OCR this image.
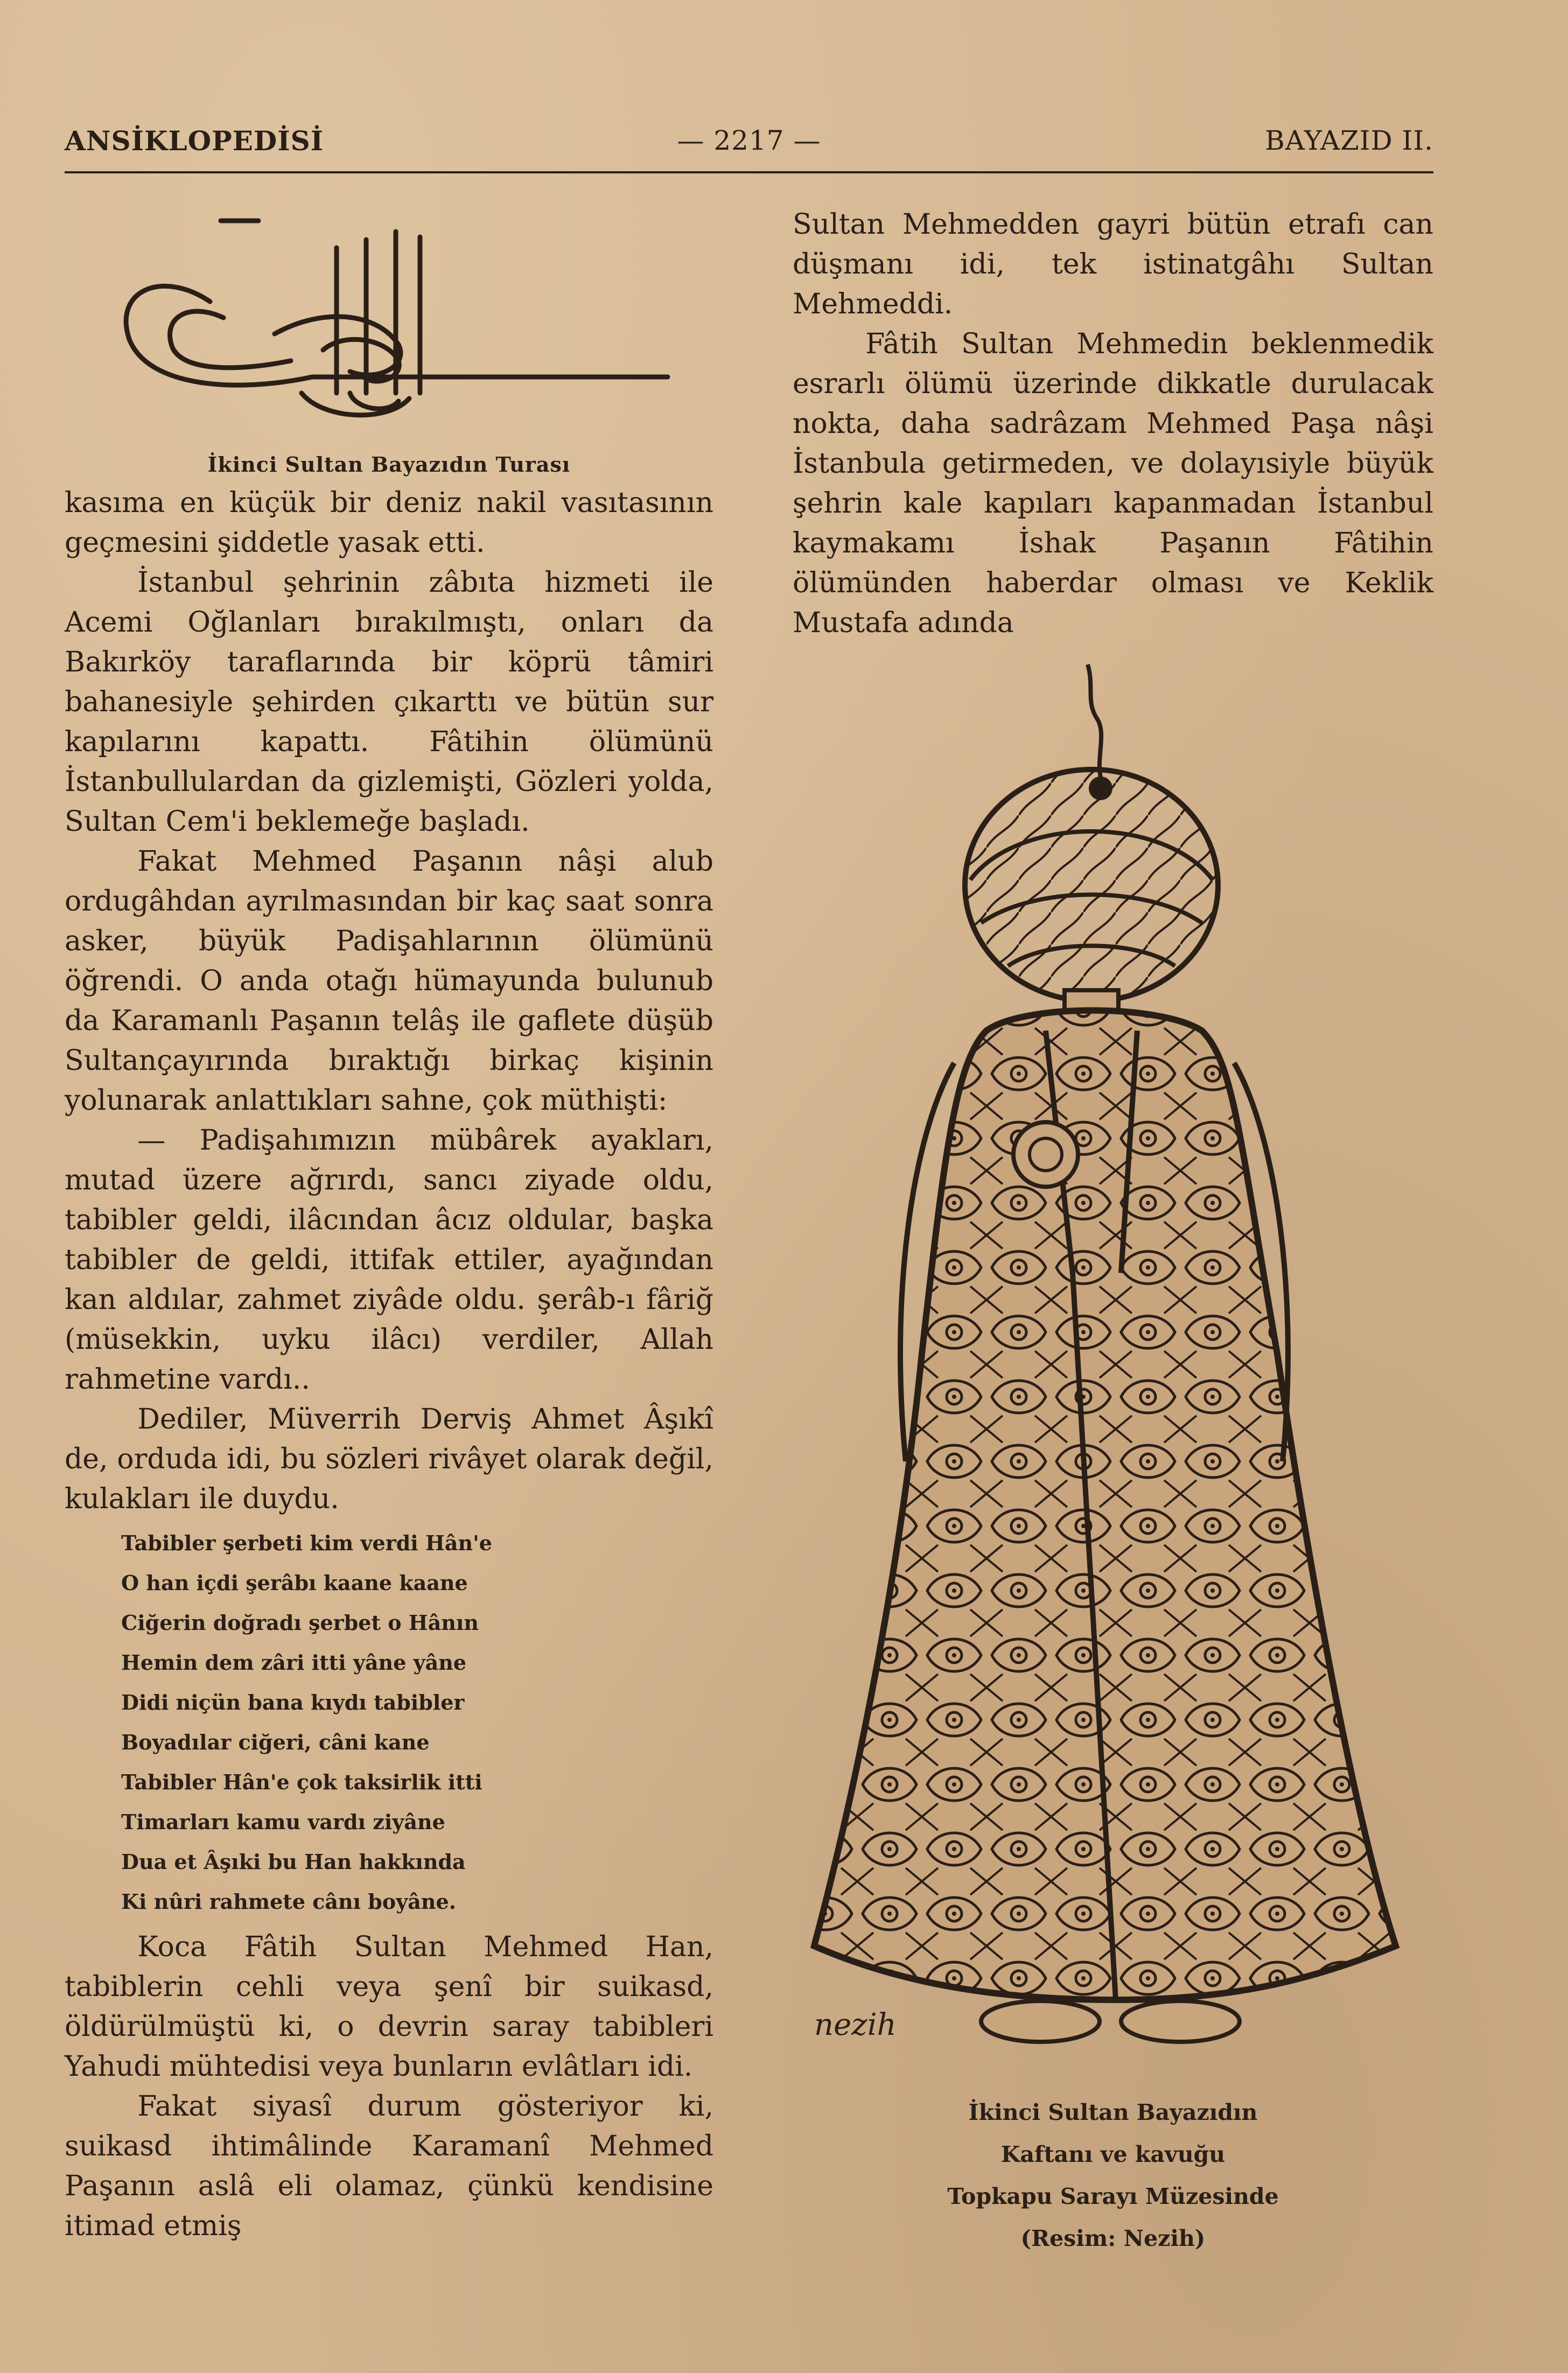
ANSİKLOPEDİSİ	— 2217 —	BAYAZID II.
İkinci Sultan Bayazıdın Turası

kasıma en küçük bir deniz nakil vasıtasının geçmesini şiddetle yasak etti.

İstanbul şehrinin zâbıta hizmeti ile Acemi Oğlanları bırakılmıştı, onları da Bakırköy taraflarında bir köprü tâmiri bahanesiyle şehirden çıkarttı ve bütün sur kapılarını kapattı. Fâtihin ölümünü İstanbullulardan da gizlemişti, Gözleri yolda, Sultan Cem'i beklemeğe başladı.

Fakat Mehmed Paşanın nâşi alub ordugâhdan ayrılmasından bir kaç saat sonra asker, büyük Padişahlarının ölümünü öğrendi. O anda otağı hümayunda bulunub da Karamanlı Paşanın telâş ile gaflete düşüb Sultançayırında bıraktığı birkaç kişinin yolunarak anlattıkları sahne, çok müthişti:

— Padişahımızın mübârek ayakları, mutad üzere ağrırdı, sancı ziyade oldu, tabibler geldi, ilâcından âcız oldular, başka tabibler de geldi, ittifak ettiler, ayağından kan aldılar, zahmet ziyâde oldu. şerâb-ı fâriğ (müsekkin, uyku ilâcı) verdiler, Allah rahmetine vardı..

Dediler, Müverrih Derviş Ahmet Âşıkî de, orduda idi, bu sözleri rivâyet olarak değil, kulakları ile duydu.

Tabibler şerbeti kim verdi Hân'e
O han içdi şerâbı kaane kaane
Ciğerin doğradı şerbet o Hânın
Hemin dem zâri itti yâne yâne
Didi niçün bana kıydı tabibler
Boyadılar ciğeri, câni kane
Tabibler Hân'e çok taksirlik itti
Timarları kamu vardı ziyâne
Dua et Âşıki bu Han hakkında
Ki nûri rahmete cânı boyâne.

Koca Fâtih Sultan Mehmed Han, tabiblerin cehli veya şenî bir suikasd, öldürülmüştü ki, o devrin saray tabibleri Yahudi mühtedisi veya bunların evlâtları idi.

Fakat siyasî durum gösteriyor ki, suikasd ihtimâlinde Karamanî Mehmed Paşanın aslâ eli olamaz, çünkü kendisine itimad etmiş

Sultan Mehmedden gayri bütün etrafı can düşmanı idi, tek istinatgâhı Sultan Mehmeddi.

Fâtih Sultan Mehmedin beklenmedik esrarlı ölümü üzerinde dikkatle durulacak nokta, daha sadrâzam Mehmed Paşa nâşi İstanbula getirmeden, ve dolayısiyle büyük şehrin kale kapıları kapanmadan İstanbul kaymakamı İshak Paşanın Fâtihin ölümünden haberdar olması ve Keklik Mustafa adında

nezih
İkinci Sultan Bayazıdın
Kaftanı ve kavuğu
Topkapu Sarayı Müzesinde
(Resim: Nezih)
